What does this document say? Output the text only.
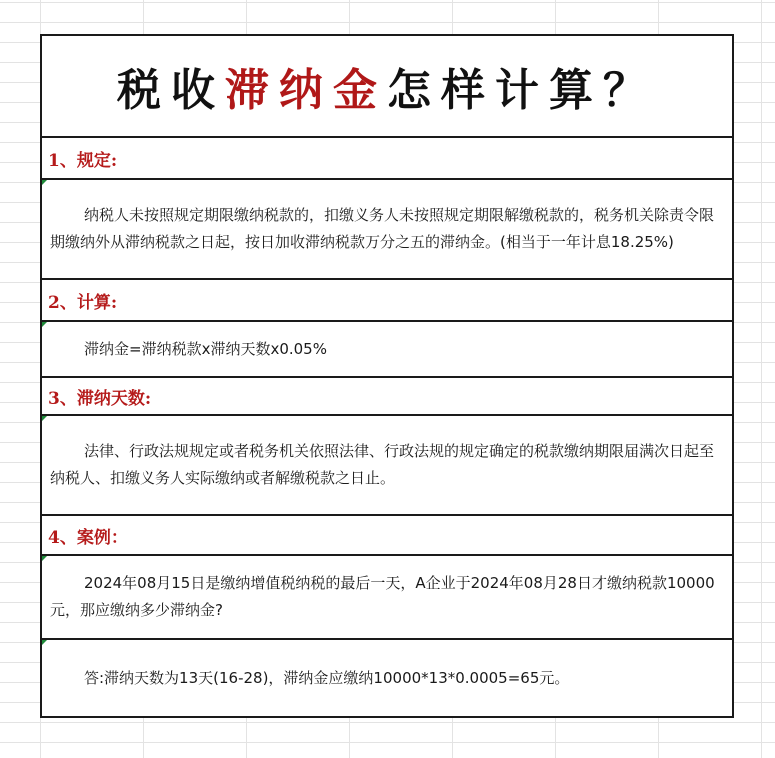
税收滞纳金怎样计算？
1、规定:

纳税人未按照规定期限缴纳税款的，扣缴义务人未按照规定期限解缴税款的，税务机关除责令限期缴纳外从滞纳税款之日起，按日加收滞纳税款万分之五的滞纳金。(相当于一年计息18.25%)

2、计算:

滞纳金=滞纳税款x滞纳天数x0.05%

3、滞纳天数:

法律、行政法规规定或者税务机关依照法律、行政法规的规定确定的税款缴纳期限届满次日起至纳税人、扣缴义务人实际缴纳或者解缴税款之日止。

4、案例：

2024年08月15日是缴纳增值税纳税的最后一天，A企业于2024年08月28日才缴纳税款10000元，那应缴纳多少滞纳金?

答:滞纳天数为13天(16-28)，滞纳金应缴纳10000*13*0.0005=65元。
